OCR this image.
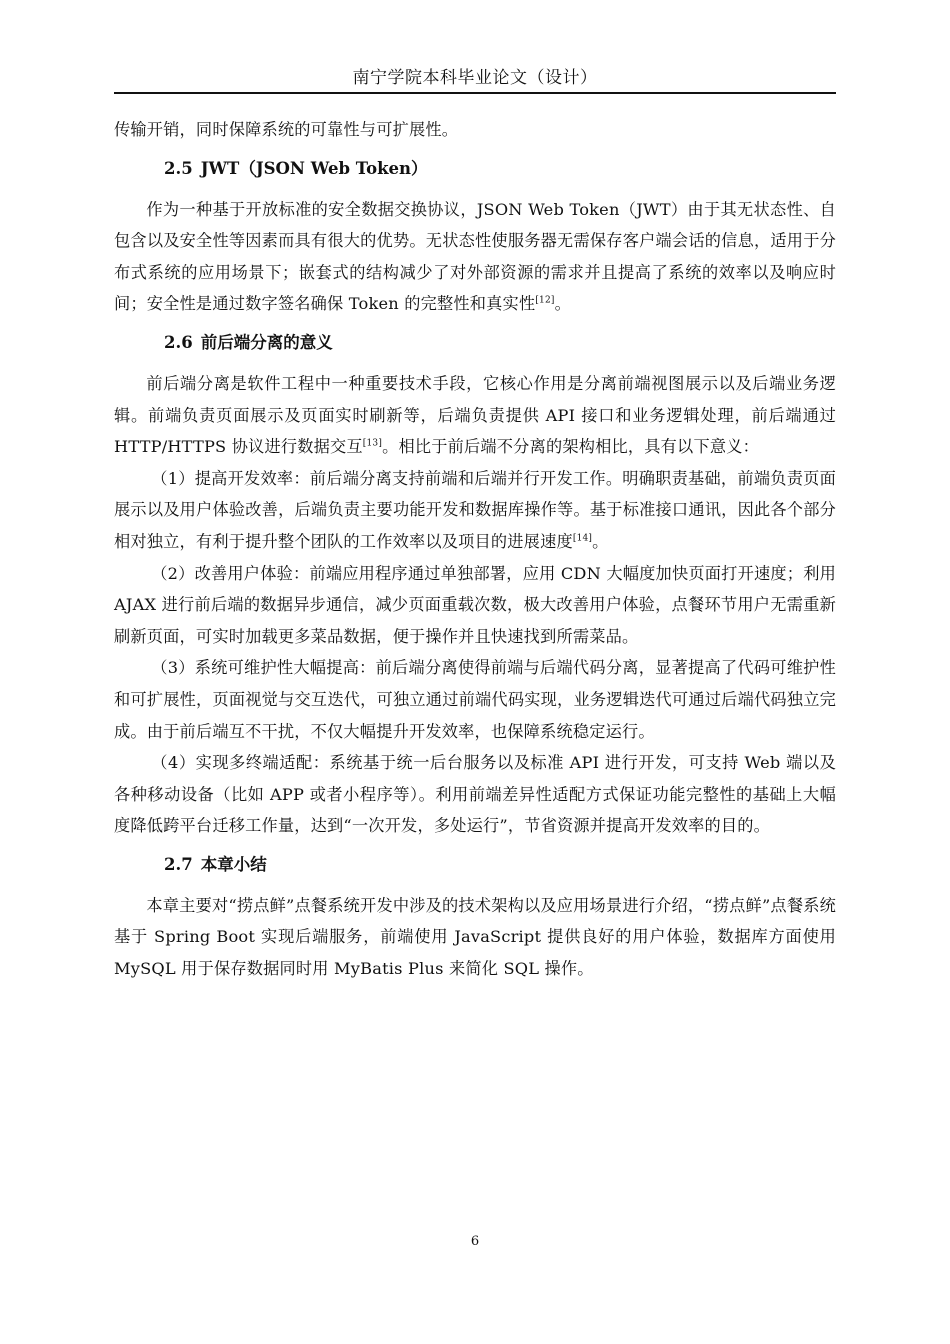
南宁学院本科毕业论文（设计）

传输开销，同时保障系统的可靠性与可扩展性。

2.5 JWT（JSON Web Token）

作为一种基于开放标准的安全数据交换协议，JSON Web Token（JWT）由于其无状态性、自包含以及安全性等因素而具有很大的优势。无状态性使服务器无需保存客户端会话的信息，适用于分布式系统的应用场景下；嵌套式的结构减少了对外部资源的需求并且提高了系统的效率以及响应时间；安全性是通过数字签名确保 Token 的完整性和真实性[12]。

2.6 前后端分离的意义

前后端分离是软件工程中一种重要技术手段，它核心作用是分离前端视图展示以及后端业务逻辑。前端负责页面展示及页面实时刷新等，后端负责提供 API 接口和业务逻辑处理，前后端通过 HTTP/HTTPS 协议进行数据交互[13]。相比于前后端不分离的架构相比，具有以下意义：

（1）提高开发效率：前后端分离支持前端和后端并行开发工作。明确职责基础，前端负责页面展示以及用户体验改善，后端负责主要功能开发和数据库操作等。基于标准接口通讯，因此各个部分相对独立，有利于提升整个团队的工作效率以及项目的进展速度[14]。

（2）改善用户体验：前端应用程序通过单独部署，应用 CDN 大幅度加快页面打开速度；利用 AJAX 进行前后端的数据异步通信，减少页面重载次数，极大改善用户体验，点餐环节用户无需重新刷新页面，可实时加载更多菜品数据，便于操作并且快速找到所需菜品。

（3）系统可维护性大幅提高：前后端分离使得前端与后端代码分离，显著提高了代码可维护性和可扩展性，页面视觉与交互迭代，可独立通过前端代码实现，业务逻辑迭代可通过后端代码独立完成。由于前后端互不干扰，不仅大幅提升开发效率，也保障系统稳定运行。

（4）实现多终端适配：系统基于统一后台服务以及标准 API 进行开发，可支持 Web 端以及各种移动设备（比如 APP 或者小程序等）。利用前端差异性适配方式保证功能完整性的基础上大幅度降低跨平台迁移工作量，达到“一次开发，多处运行”，节省资源并提高开发效率的目的。

2.7 本章小结

本章主要对“捞点鲜”点餐系统开发中涉及的技术架构以及应用场景进行介绍，“捞点鲜”点餐系统基于 Spring Boot 实现后端服务，前端使用 JavaScript 提供良好的用户体验，数据库方面使用 MySQL 用于保存数据同时用 MyBatis Plus 来简化 SQL 操作。

6
